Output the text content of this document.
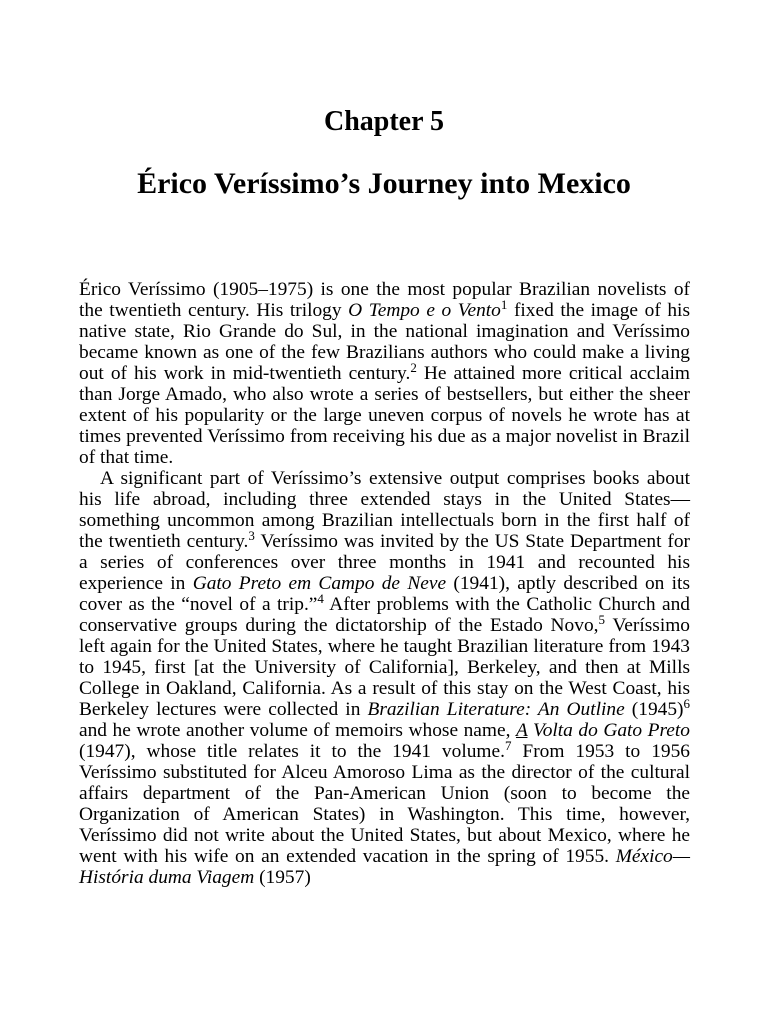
Chapter 5
Érico Veríssimo’s Journey into Mexico

Érico Veríssimo (1905–1975) is one the most popular Brazilian novelists of the twentieth century. His trilogy O Tempo e o Vento$^1$ fixed the image of his native state, Rio Grande do Sul, in the national imagination and Veríssimo became known as one of the few Brazilians authors who could make a living out of his work in mid-twentieth century.$^2$ He attained more critical acclaim than Jorge Amado, who also wrote a series of bestsellers, but either the sheer extent of his popularity or the large uneven corpus of novels he wrote has at times prevented Veríssimo from receiving his due as a major novelist in Brazil of that time.

A significant part of Veríssimo’s extensive output comprises books about his life abroad, including three extended stays in the United States—something uncommon among Brazilian intellectuals born in the first half of the twentieth century.$^3$ Veríssimo was invited by the US State Department for a series of conferences over three months in 1941 and recounted his experience in Gato Preto em Campo de Neve (1941), aptly described on its cover as the “novel of a trip.”$^4$ After problems with the Catholic Church and conservative groups during the dictatorship of the Estado Novo,$^5$ Veríssimo left again for the United States, where he taught Brazilian literature from 1943 to 1945, first [at the University of California], Berkeley, and then at Mills College in Oakland, California. As a result of this stay on the West Coast, his Berkeley lectures were collected in Brazilian Literature: An Outline $(1945)^6$ and he wrote another volume of memoirs whose name, A Volta do Gato Preto (1947), whose title relates it to the 1941 volume.$^7$ From 1953 to 1956 Veríssimo substituted for Alceu Amoroso Lima as the director of the cultural affairs department of the Pan-American Union (soon to become the Organization of American States) in Washington. This time, however, Veríssimo did not write about the United States, but about Mexico, where he went with his wife on an extended vacation in the spring of 1955. México—História duma Viagem (1957)
